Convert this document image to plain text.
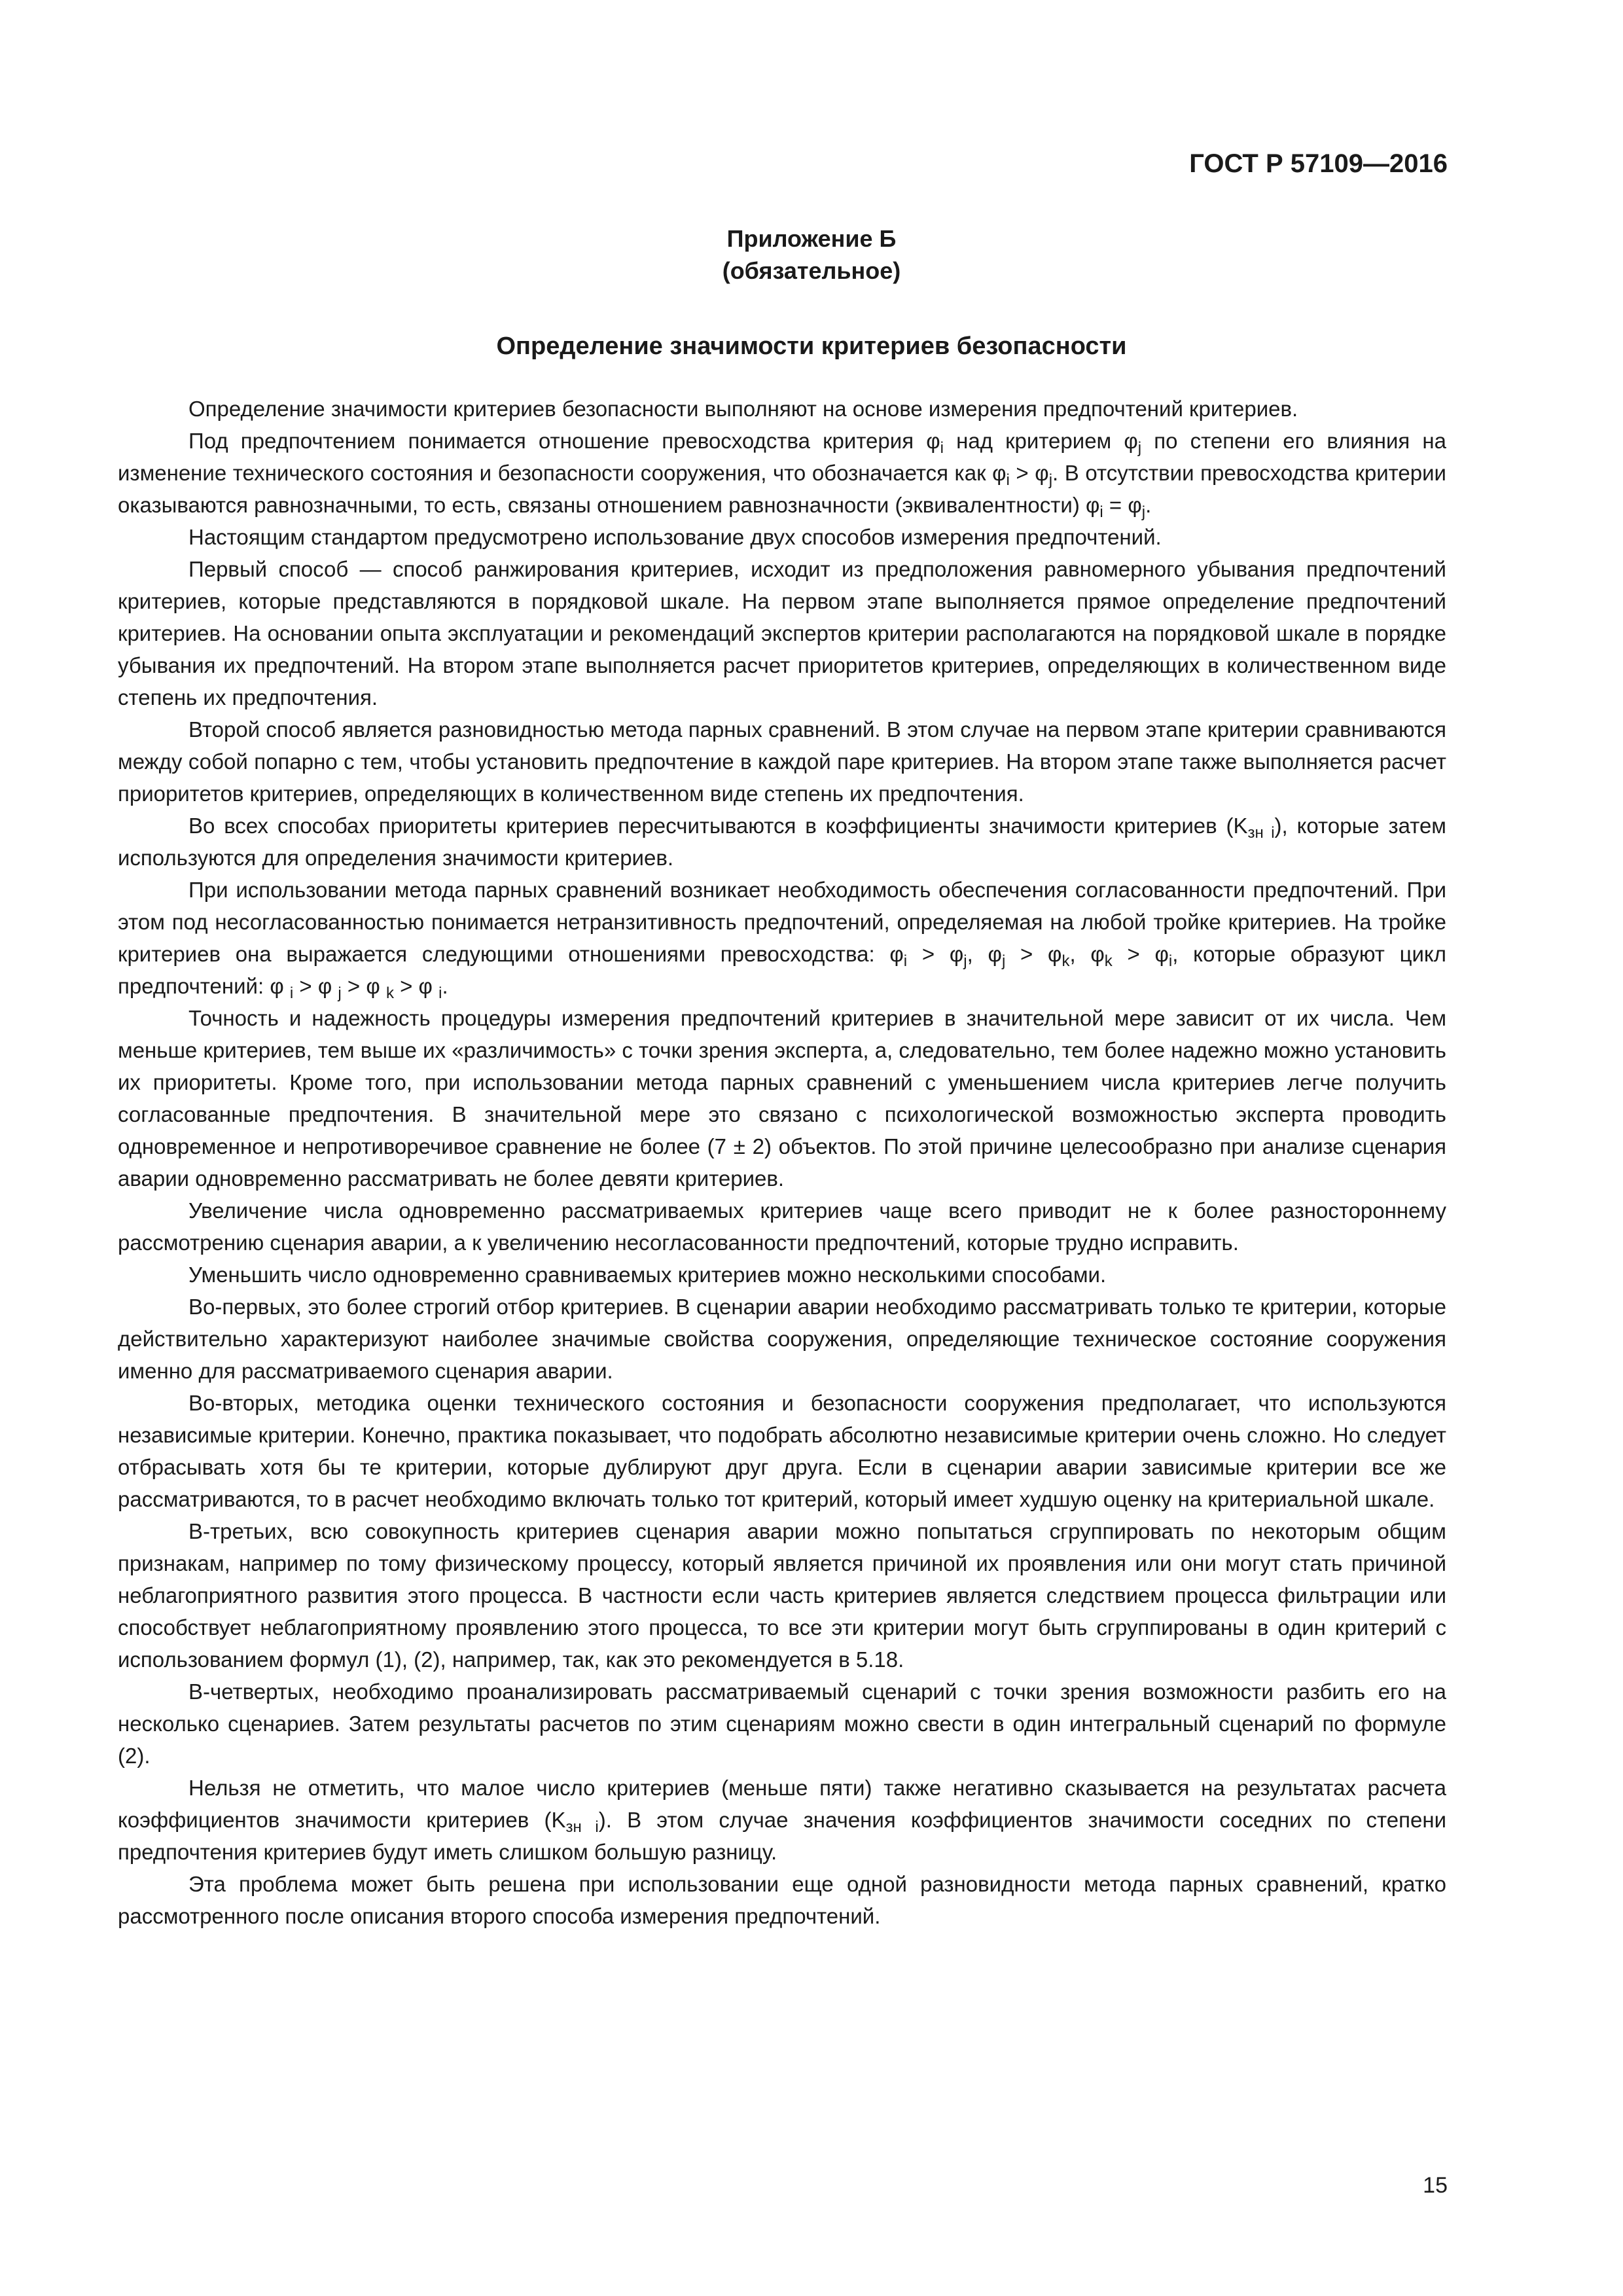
ГОСТ Р 57109—2016
Приложение Б
(обязательное)
Определение значимости критериев безопасности

Определение значимости критериев безопасности выполняют на основе измерения предпочтений критериев.

Под предпочтением понимается отношение превосходства критерия $\varphi_i$ над критерием $\varphi_j$ по степени его влияния на изменение технического состояния и безопасности сооружения, что обозначается как $\varphi_i > \varphi_j$. В отсутствии превосходства критерии оказываются равнозначными, то есть, связаны отношением равнозначности (эквивалентности) $\varphi_i = \varphi_j$.

Настоящим стандартом предусмотрено использование двух способов измерения предпочтений.

Первый способ — способ ранжирования критериев, исходит из предположения равномерного убывания предпочтений критериев, которые представляются в порядковой шкале. На первом этапе выполняется прямое определение предпочтений критериев. На основании опыта эксплуатации и рекомендаций экспертов критерии располагаются на порядковой шкале в порядке убывания их предпочтений. На втором этапе выполняется расчет приоритетов критериев, определяющих в количественном виде степень их предпочтения.

Второй способ является разновидностью метода парных сравнений. В этом случае на первом этапе критерии сравниваются между собой попарно с тем, чтобы установить предпочтение в каждой паре критериев. На втором этапе также выполняется расчет приоритетов критериев, определяющих в количественном виде степень их предпочтения.

Во всех способах приоритеты критериев пересчитываются в коэффициенты значимости критериев $(K_{зн i})$, которые затем используются для определения значимости критериев.

При использовании метода парных сравнений возникает необходимость обеспечения согласованности предпочтений. При этом под несогласованностью понимается нетранзитивность предпочтений, определяемая на любой тройке критериев. На тройке критериев она выражается следующими отношениями превосходства: $\varphi_i > \varphi_j$, $\varphi_j > \varphi_k$, $\varphi_k > \varphi_i$, которые образуют цикл предпочтений: φ $_i$ > φ $_j$ > φ $_k$ > φ $_i$.

Точность и надежность процедуры измерения предпочтений критериев в значительной мере зависит от их числа. Чем меньше критериев, тем выше их «различимость» с точки зрения эксперта, а, следовательно, тем более надежно можно установить их приоритеты. Кроме того, при использовании метода парных сравнений с уменьшением числа критериев легче получить согласованные предпочтения. В значительной мере это связано с психологической возможностью эксперта проводить одновременное и непротиворечивое сравнение не более (7 ± 2) объектов. По этой причине целесообразно при анализе сценария аварии одновременно рассматривать не более девяти критериев.

Увеличение числа одновременно рассматриваемых критериев чаще всего приводит не к более разностороннему рассмотрению сценария аварии, а к увеличению несогласованности предпочтений, которые трудно исправить.

Уменьшить число одновременно сравниваемых критериев можно несколькими способами.

Во-первых, это более строгий отбор критериев. В сценарии аварии необходимо рассматривать только те критерии, которые действительно характеризуют наиболее значимые свойства сооружения, определяющие техническое состояние сооружения именно для рассматриваемого сценария аварии.

Во-вторых, методика оценки технического состояния и безопасности сооружения предполагает, что используются независимые критерии. Конечно, практика показывает, что подобрать абсолютно независимые критерии очень сложно. Но следует отбрасывать хотя бы те критерии, которые дублируют друг друга. Если в сценарии аварии зависимые критерии все же рассматриваются, то в расчет необходимо включать только тот критерий, который имеет худшую оценку на критериальной шкале.

В-третьих, всю совокупность критериев сценария аварии можно попытаться сгруппировать по некоторым общим признакам, например по тому физическому процессу, который является причиной их проявления или они могут стать причиной неблагоприятного развития этого процесса. В частности если часть критериев является следствием процесса фильтрации или способствует неблагоприятному проявлению этого процесса, то все эти критерии могут быть сгруппированы в один критерий с использованием формул (1), (2), например, так, как это рекомендуется в 5.18.

В-четвертых, необходимо проанализировать рассматриваемый сценарий с точки зрения возможности разбить его на несколько сценариев. Затем результаты расчетов по этим сценариям можно свести в один интегральный сценарий по формуле (2).

Нельзя не отметить, что малое число критериев (меньше пяти) также негативно сказывается на результатах расчета коэффициентов значимости критериев $(K_{зн i})$. В этом случае значения коэффициентов значимости соседних по степени предпочтения критериев будут иметь слишком большую разницу.

Эта проблема может быть решена при использовании еще одной разновидности метода парных сравнений, кратко рассмотренного после описания второго способа измерения предпочтений.

15
